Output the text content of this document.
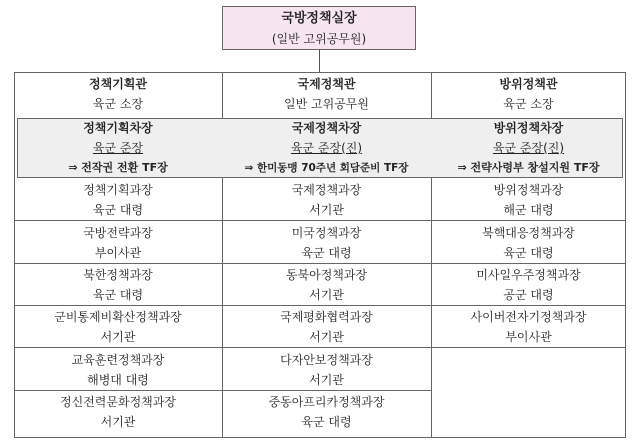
국방정책실장
(일반 고위공무원)
정책기획관
육군 소장
정책기획차장
육군 준장
⇒ 전작권 전환 TF장
정책기획과장
육군 대령
국방전략과장
부이사관
북한정책과장
육군 대령
군비통제비확산정책과장
서기관
교육훈련정책과장
해병대 대령
정신전력문화정책과장
서기관
국제정책관
일반 고위공무원
국제정책차장
육군 준장(진)
⇒ 한미동맹 70주년 회담준비 TF장
국제정책과장
서기관
미국정책과장
육군 대령
동북아정책과장
서기관
국제평화협력과장
서기관
다자안보정책과장
서기관
중동아프리카정책과장
육군 대령
방위정책관
육군 소장
방위정책차장
육군 준장(진)
⇒ 전략사령부 창설지원 TF장
방위정책과장
해군 대령
북핵대응정책과장
육군 대령
미사일우주정책과장
공군 대령
사이버전자기정책과장
부이사관
